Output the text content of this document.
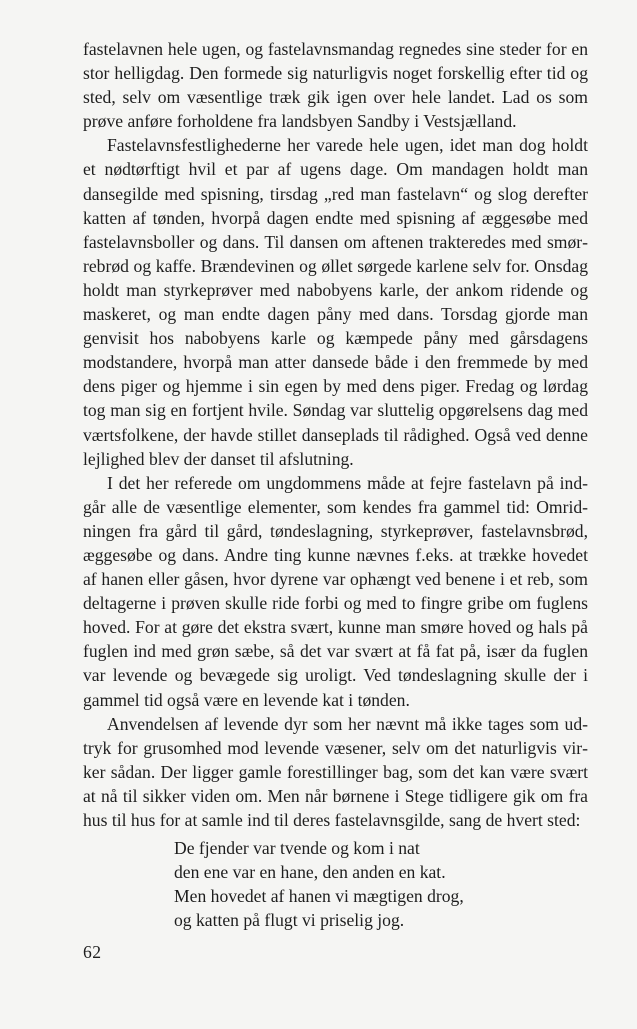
fastelavnen hele ugen, og fastelavnsmandag regnedes sine steder for en stor helligdag. Den formede sig naturligvis noget forskellig efter tid og sted, selv om væsentlige træk gik igen over hele landet. Lad os som prøve anføre forholdene fra landsbyen Sandby i Vestsjælland.

Fastelavnsfestlighederne her varede hele ugen, idet man dog holdt et nødtørftigt hvil et par af ugens dage. Om mandagen holdt man dansegilde med spisning, tirsdag „red man fastelavn“ og slog derefter katten af tønden, hvorpå dagen endte med spisning af æggesøbe med fastelavnsboller og dans. Til dansen om aftenen trakteredes med smørrebrød og kaffe. Brændevinen og øllet sørgede karlene selv for. Onsdag holdt man styrkeprøver med nabobyens karle, der ankom ridende og maskeret, og man endte dagen påny med dans. Torsdag gjorde man genvisit hos nabobyens karle og kæmpede påny med gårsdagens modstandere, hvorpå man atter dansede både i den fremmede by med dens piger og hjemme i sin egen by med dens piger. Fredag og lørdag tog man sig en fortjent hvile. Søndag var sluttelig opgørelsens dag med værtsfolkene, der havde stillet danseplads til rådighed. Også ved denne lejlighed blev der danset til afslutning.

I det her referede om ungdommens måde at fejre fastelavn på indgår alle de væsentlige elementer, som kendes fra gammel tid: Omridningen fra gård til gård, tøndeslagning, styrkeprøver, fastelavnsbrød, æggesøbe og dans. Andre ting kunne nævnes f.eks. at trække hovedet af hanen eller gåsen, hvor dyrene var ophængt ved benene i et reb, som deltagerne i prøven skulle ride forbi og med to fingre gribe om fuglens hoved. For at gøre det ekstra svært, kunne man smøre hoved og hals på fuglen ind med grøn sæbe, så det var svært at få fat på, især da fuglen var levende og bevægede sig uroligt. Ved tøndeslagning skulle der i gammel tid også være en levende kat i tønden.

Anvendelsen af levende dyr som her nævnt må ikke tages som udtryk for grusomhed mod levende væsener, selv om det naturligvis virker sådan. Der ligger gamle forestillinger bag, som det kan være svært at nå til sikker viden om. Men når børnene i Stege tidligere gik om fra hus til hus for at samle ind til deres fastelavnsgilde, sang de hvert sted:

De fjender var tvende og kom i nat
den ene var en hane, den anden en kat.
Men hovedet af hanen vi mægtigen drog,
og katten på flugt vi priselig jog.
62
